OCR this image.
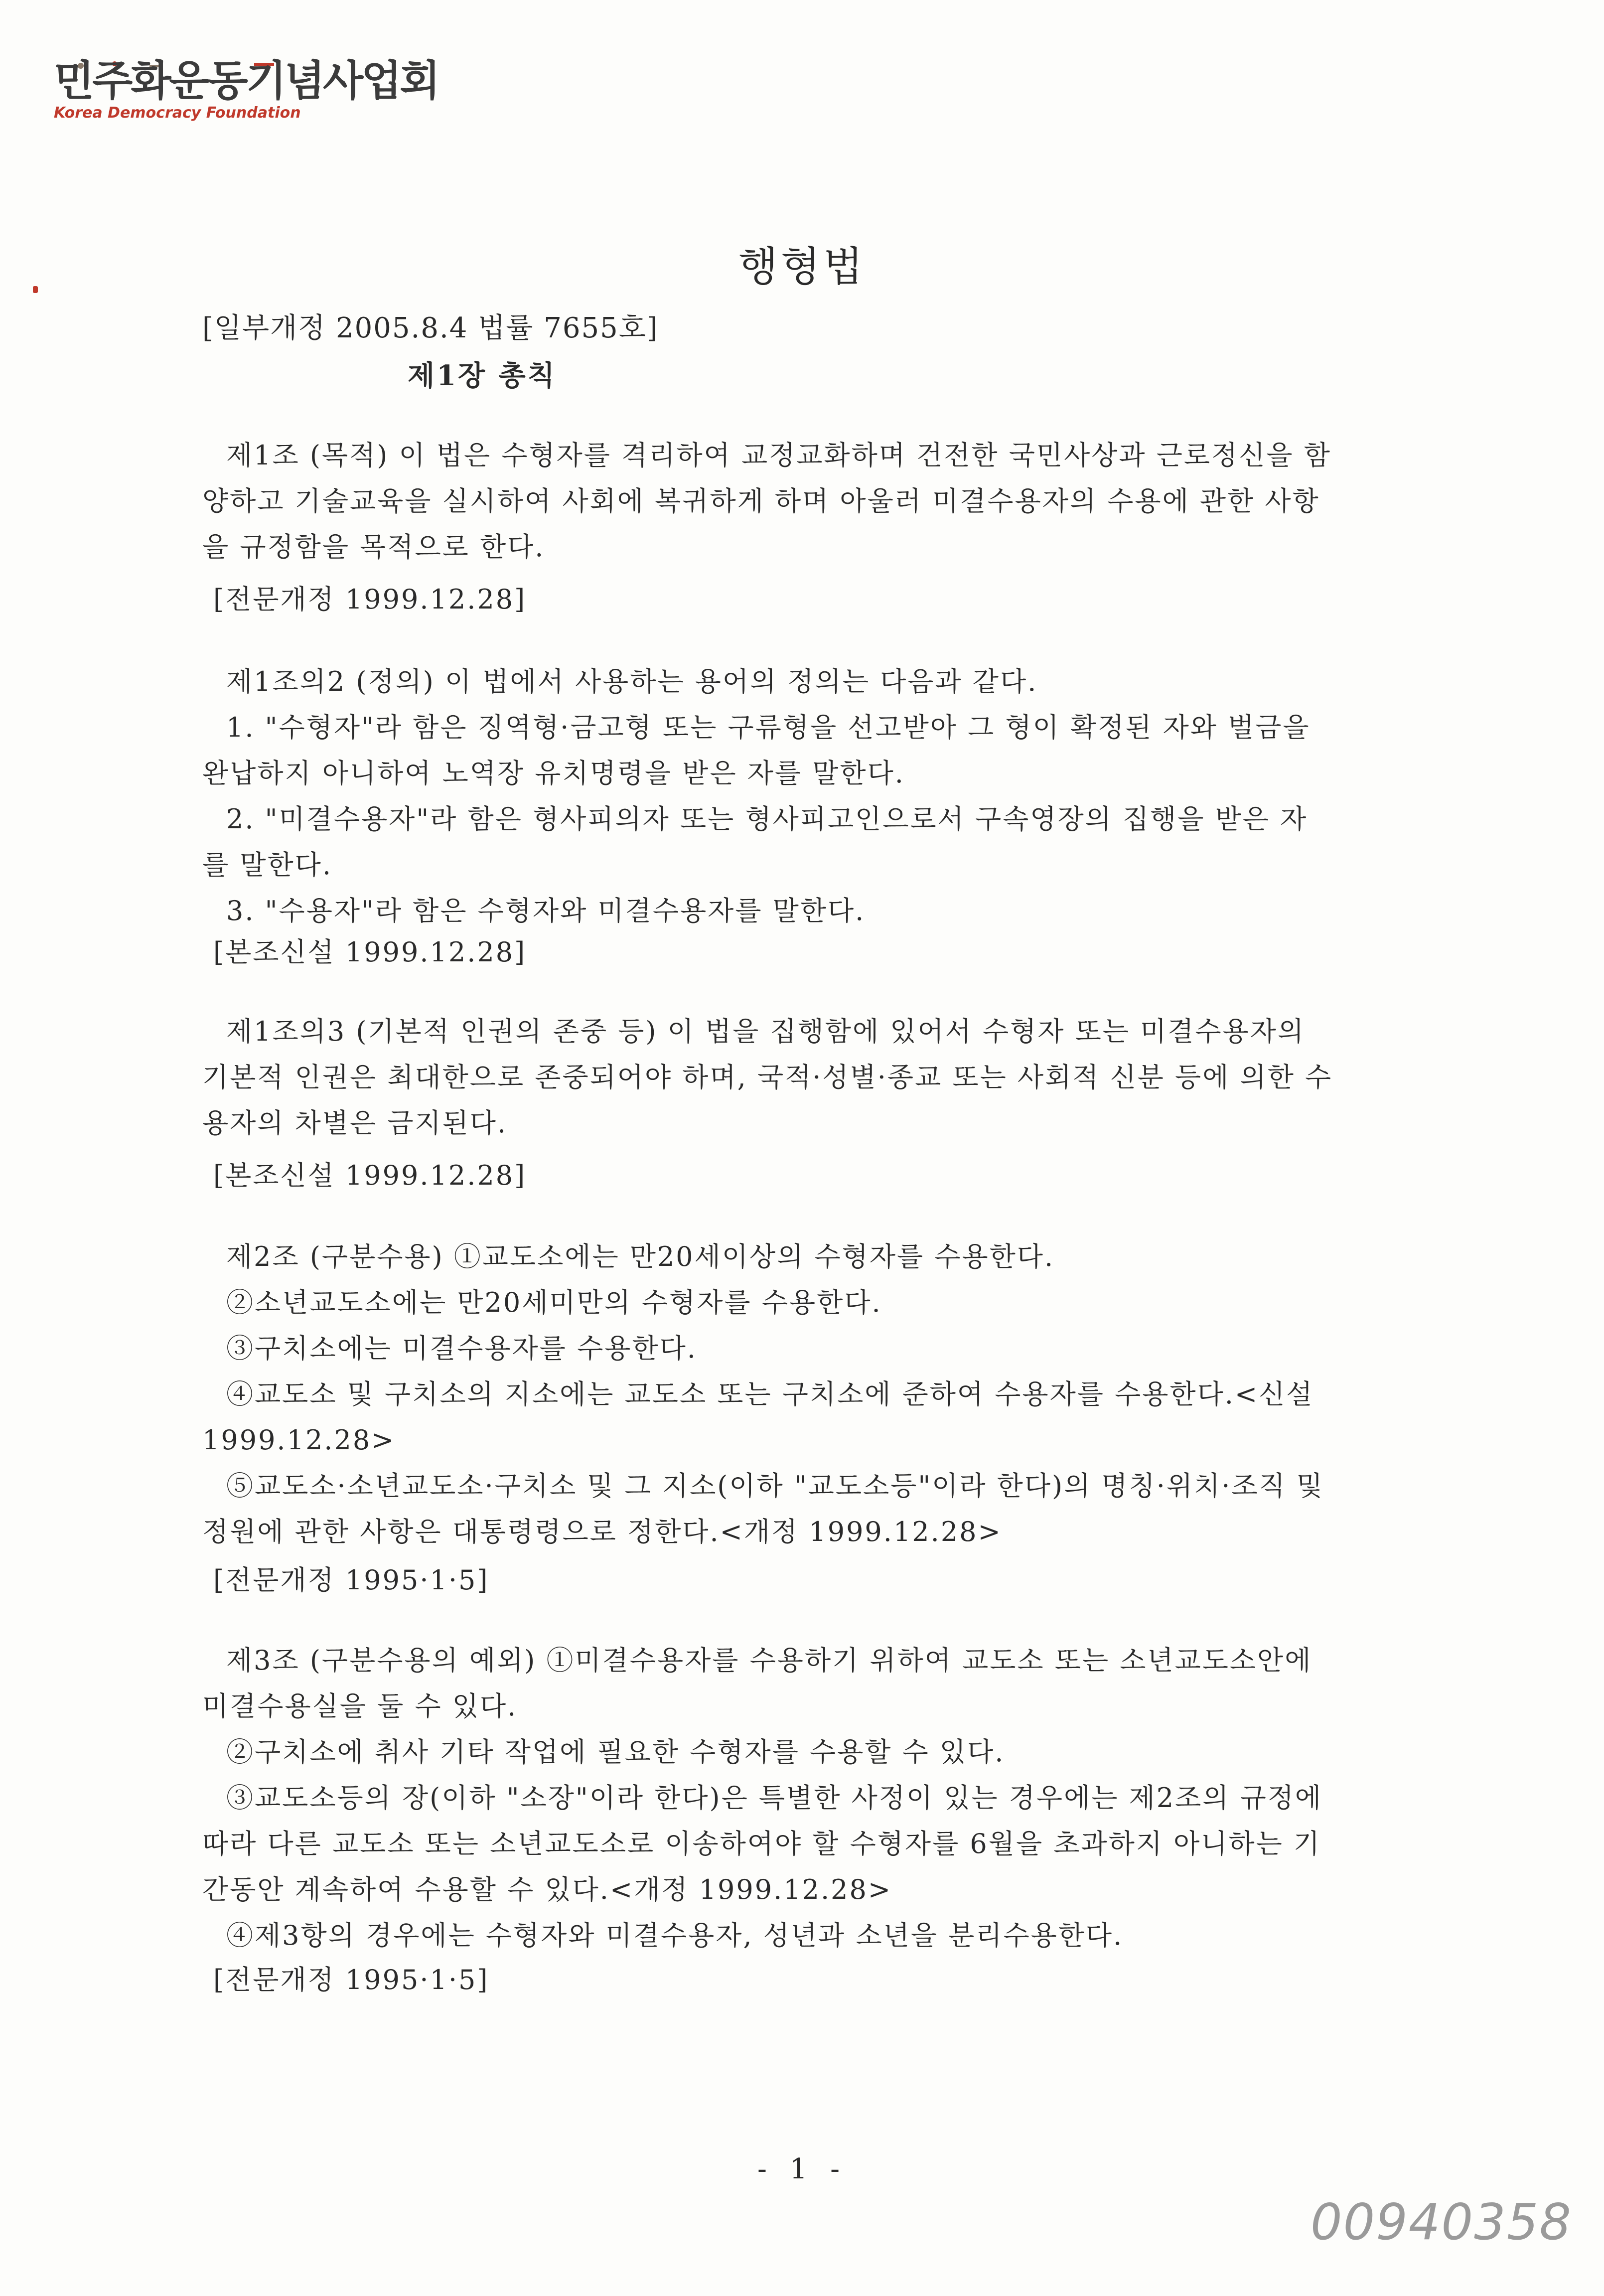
민주화운동기념사업회
Korea Democracy Foundation
행형법
[일부개정 2005.8.4 법률 7655호]
제1장 총칙
제1조 (목적) 이 법은 수형자를 격리하여 교정교화하며 건전한 국민사상과 근로정신을 함
양하고 기술교육을 실시하여 사회에 복귀하게 하며 아울러 미결수용자의 수용에 관한 사항
을 규정함을 목적으로 한다.
[전문개정 1999.12.28]
제1조의2 (정의) 이 법에서 사용하는 용어의 정의는 다음과 같다.
1. "수형자"라 함은 징역형·금고형 또는 구류형을 선고받아 그 형이 확정된 자와 벌금을
완납하지 아니하여 노역장 유치명령을 받은 자를 말한다.
2. "미결수용자"라 함은 형사피의자 또는 형사피고인으로서 구속영장의 집행을 받은 자
를 말한다.
3. "수용자"라 함은 수형자와 미결수용자를 말한다.
[본조신설 1999.12.28]
제1조의3 (기본적 인권의 존중 등) 이 법을 집행함에 있어서 수형자 또는 미결수용자의
기본적 인권은 최대한으로 존중되어야 하며, 국적·성별·종교 또는 사회적 신분 등에 의한 수
용자의 차별은 금지된다.
[본조신설 1999.12.28]
제2조 (구분수용) ①교도소에는 만20세이상의 수형자를 수용한다.
②소년교도소에는 만20세미만의 수형자를 수용한다.
③구치소에는 미결수용자를 수용한다.
④교도소 및 구치소의 지소에는 교도소 또는 구치소에 준하여 수용자를 수용한다.<신설
1999.12.28>
⑤교도소·소년교도소·구치소 및 그 지소(이하 "교도소등"이라 한다)의 명칭·위치·조직 및
정원에 관한 사항은 대통령령으로 정한다.<개정 1999.12.28>
[전문개정 1995·1·5]
제3조 (구분수용의 예외) ①미결수용자를 수용하기 위하여 교도소 또는 소년교도소안에
미결수용실을 둘 수 있다.
②구치소에 취사 기타 작업에 필요한 수형자를 수용할 수 있다.
③교도소등의 장(이하 "소장"이라 한다)은 특별한 사정이 있는 경우에는 제2조의 규정에
따라 다른 교도소 또는 소년교도소로 이송하여야 할 수형자를 6월을 초과하지 아니하는 기
간동안 계속하여 수용할 수 있다.<개정 1999.12.28>
④제3항의 경우에는 수형자와 미결수용자, 성년과 소년을 분리수용한다.
[전문개정 1995·1·5]
- 1 -
00940358
